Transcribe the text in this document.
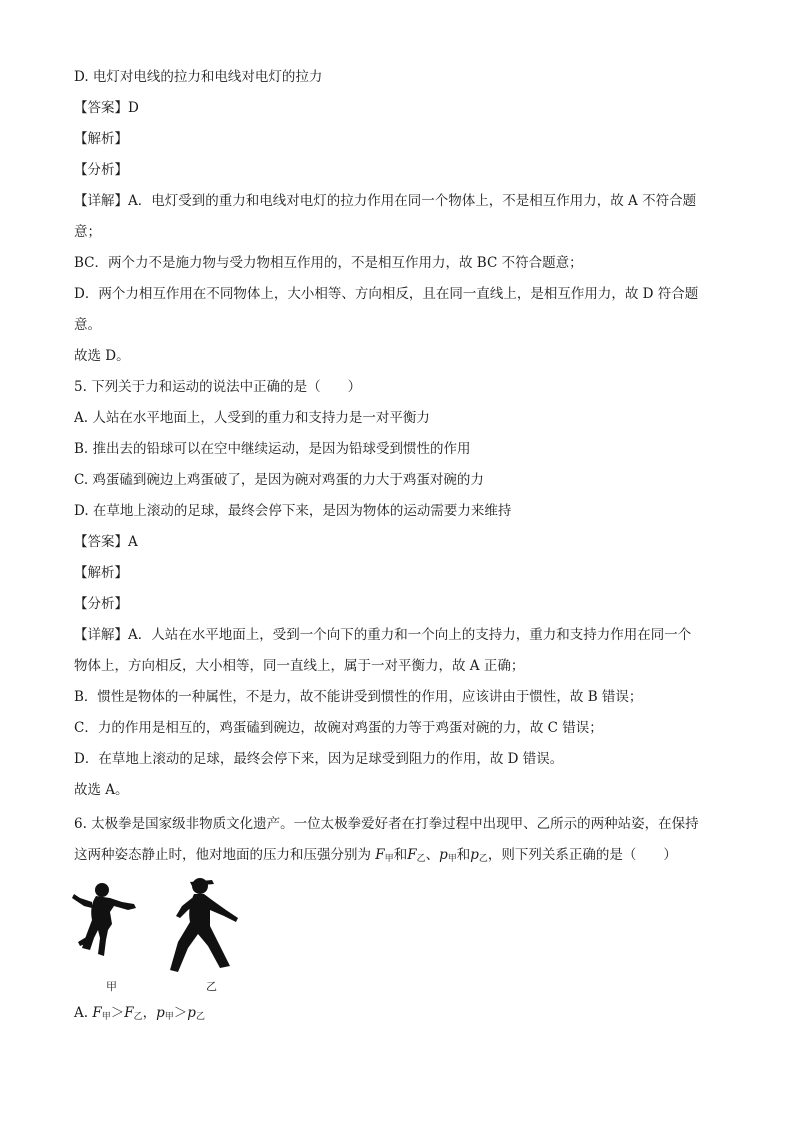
D. 电灯对电线的拉力和电线对电灯的拉力
【答案】D
【解析】
【分析】
【详解】A．电灯受到的重力和电线对电灯的拉力作用在同一个物体上，不是相互作用力，故 A 不符合题
意；
BC．两个力不是施力物与受力物相互作用的，不是相互作用力，故 BC 不符合题意；
D．两个力相互作用在不同物体上，大小相等、方向相反，且在同一直线上，是相互作用力，故 D 符合题
意。
故选 D。
5. 下列关于力和运动的说法中正确的是（　　）
A. 人站在水平地面上，人受到的重力和支持力是一对平衡力
B. 推出去的铅球可以在空中继续运动，是因为铅球受到惯性的作用
C. 鸡蛋磕到碗边上鸡蛋破了，是因为碗对鸡蛋的力大于鸡蛋对碗的力
D. 在草地上滚动的足球，最终会停下来，是因为物体的运动需要力来维持
【答案】A
【解析】
【分析】
【详解】A．人站在水平地面上，受到一个向下的重力和一个向上的支持力，重力和支持力作用在同一个
物体上，方向相反，大小相等，同一直线上，属于一对平衡力，故 A 正确；
B．惯性是物体的一种属性，不是力，故不能讲受到惯性的作用，应该讲由于惯性，故 B 错误；
C．力的作用是相互的，鸡蛋磕到碗边，故碗对鸡蛋的力等于鸡蛋对碗的力，故 C 错误；
D．在草地上滚动的足球，最终会停下来，因为足球受到阻力的作用，故 D 错误。
故选 A。
6. 太极拳是国家级非物质文化遗产。一位太极拳爱好者在打拳过程中出现甲、乙所示的两种站姿，在保持
这两种姿态静止时，他对地面的压力和压强分别为 $F_甲$和$F_乙$、$p_甲$和$p_乙$，则下列关系正确的是（　　）
甲	乙
A. $F_甲>F_乙$，$p_甲>p_乙$
